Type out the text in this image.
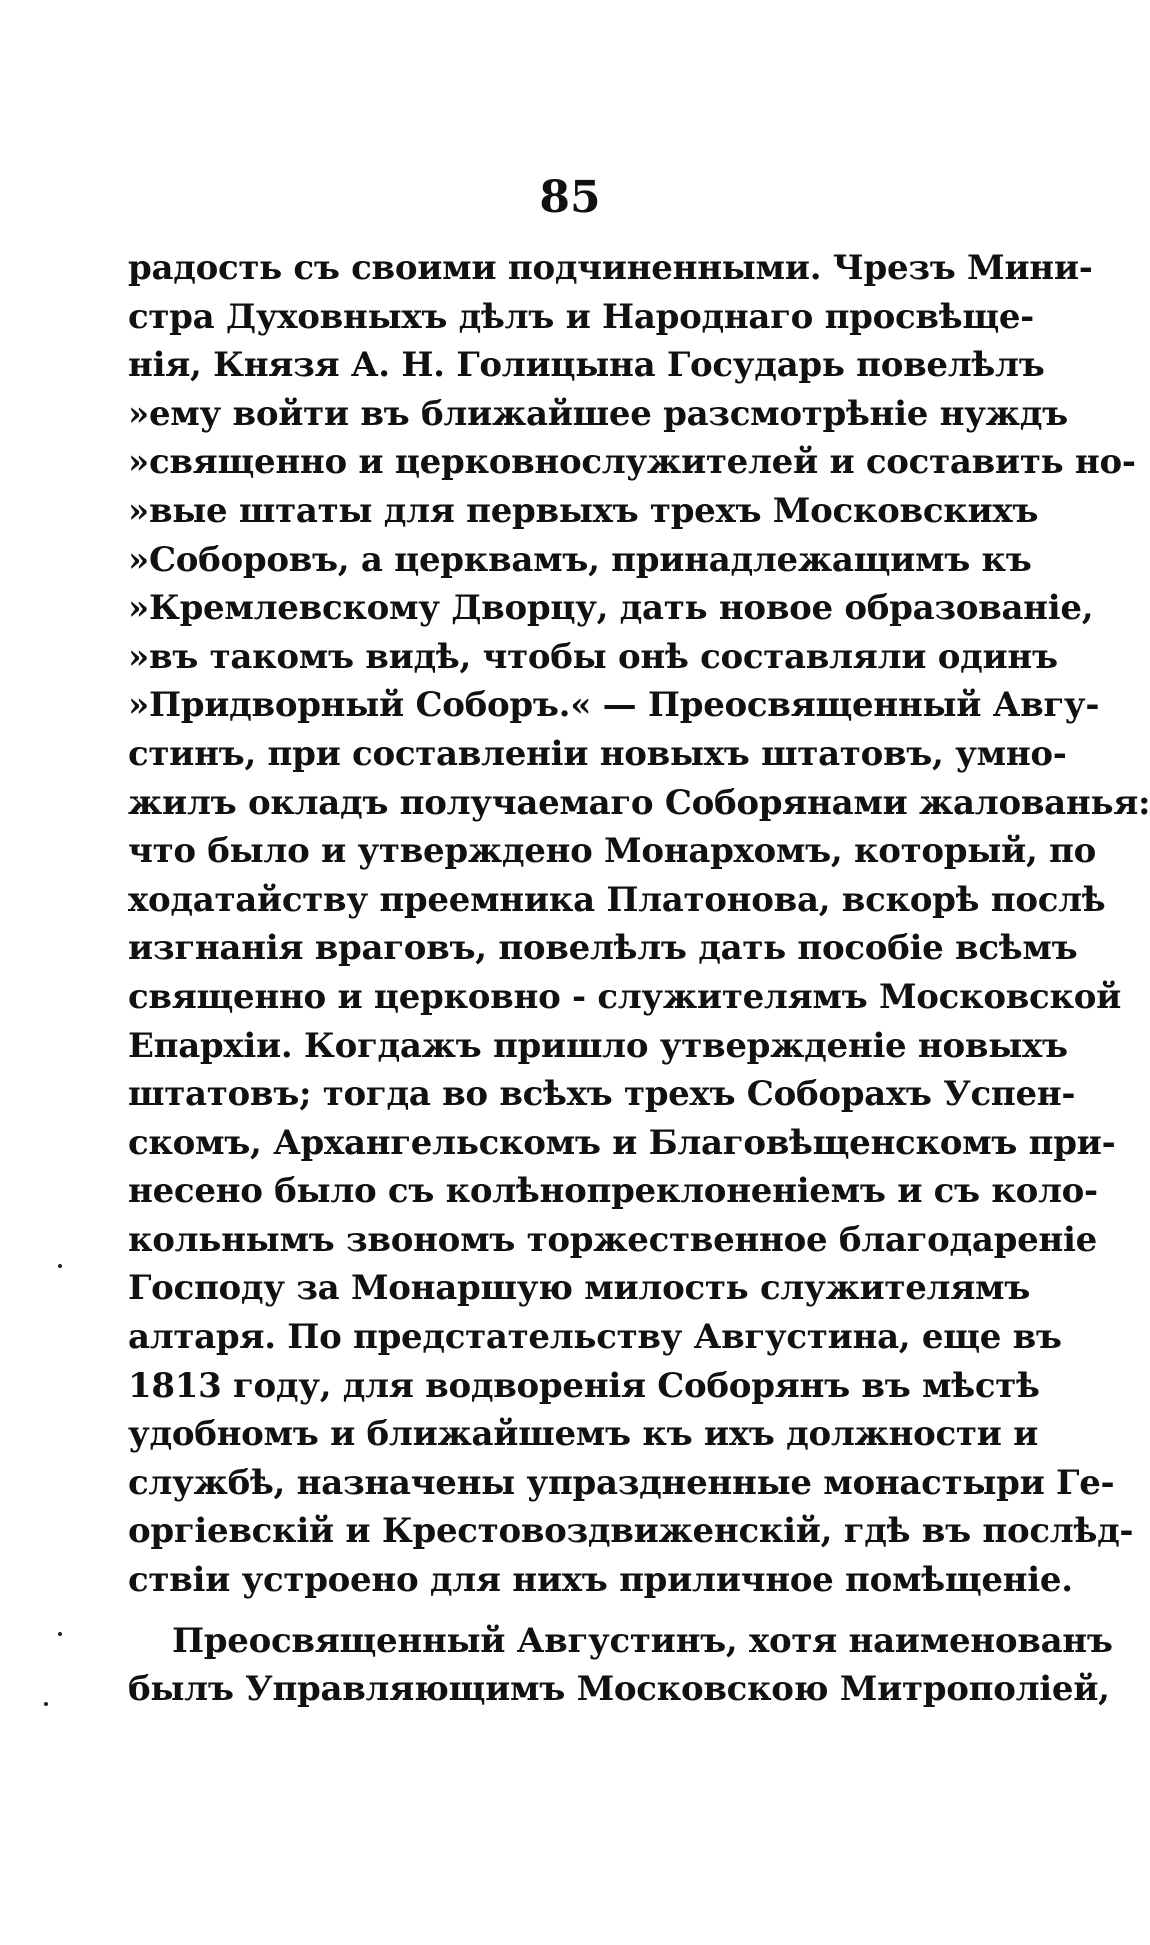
85
радость съ своими подчиненными. Чрезъ Мини-
стра Духовныхъ дѣлъ и Народнаго просвѣще-
нія, Князя А. Н. Голицына Государь повелѣлъ
»ему войти въ ближайшее разсмотрѣніе нуждъ
»священно и церковнослужителей и составить но-
»вые штаты для первыхъ трехъ Московскихъ
»Соборовъ, а церквамъ, принадлежащимъ къ
»Кремлевскому Дворцу, дать новое образованіе,
»въ такомъ видѣ, чтобы онѣ составляли одинъ
»Придворный Соборъ.« — Преосвященный Авгу-
стинъ, при составленіи новыхъ штатовъ, умно-
жилъ окладъ получаемаго Соборянами жалованья:
что было и утверждено Монархомъ, который, по
ходатайству преемника Платонова, вскорѣ послѣ
изгнанія враговъ, повелѣлъ дать пособіе всѣмъ
священно и церковно - служителямъ Московской
Епархіи. Когдажъ пришло утвержденіе новыхъ
штатовъ; тогда во всѣхъ трехъ Соборахъ Успен-
скомъ, Архангельскомъ и Благовѣщенскомъ при-
несено было съ колѣнопреклоненіемъ и съ коло-
кольнымъ звономъ торжественное благодареніе
Господу за Монаршую милость служителямъ
алтаря. По предстательству Августина, еще въ
1813 году, для водворенія Соборянъ въ мѣстѣ
удобномъ и ближайшемъ къ ихъ должности и
службѣ, назначены упраздненные монастыри Ге-
оргіевскій и Крестовоздвиженскій, гдѣ въ послѣд-
ствіи устроено для нихъ приличное помѣщеніе.
Преосвященный Августинъ, хотя наименованъ
былъ Управляющимъ Московскою Митрополіей,
